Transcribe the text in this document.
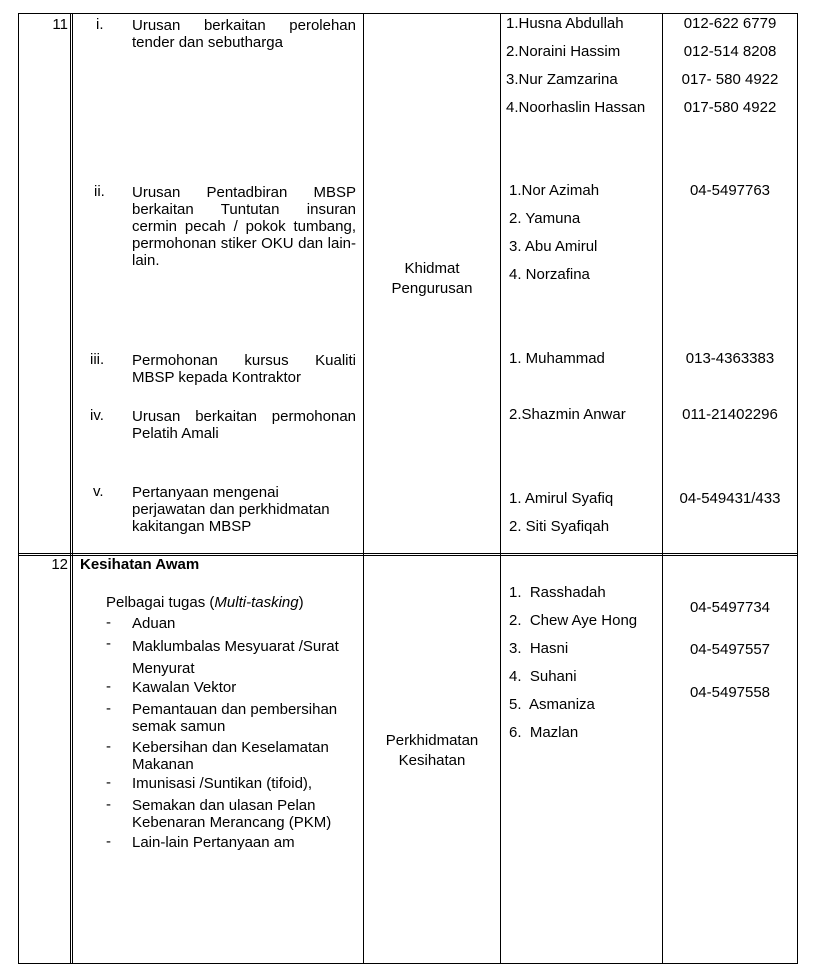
11 i. Urusan berkaitan perolehan tender dan sebutharga
ii. Urusan Pentadbiran MBSP berkaitan Tuntutan insuran cermin pecah / pokok tumbang, permohonan stiker OKU dan lain-lain.
iii. Permohonan kursus Kualiti MBSP kepada Kontraktor
iv. Urusan berkaitan permohonan Pelatih Amali
v. Pertanyaan mengenai perjawatan dan perkhidmatan kakitangan MBSP
Khidmat
Pengurusan
1.Husna Abdullah
2.Noraini Hassim
3.Nur Zamzarina
4.Noorhaslin Hassan
012-622 6779
012-514 8208
017- 580 4922
017-580 4922
1.Nor Azimah
2. Yamuna
3. Abu Amirul
4. Norzafina
04-5497763
1. Muhammad	013-4363383
2.Shazmin Anwar	011-21402296
1. Amirul Syafiq
2. Siti Syafiqah
04-549431/433
12 Kesihatan Awam
Pelbagai tugas (Multi-tasking)
- Aduan
- Maklumbalas Mesyuarat /Surat Menyurat
- Kawalan Vektor
- Pemantauan dan pembersihan semak samun
- Kebersihan dan Keselamatan Makanan
- Imunisasi /Suntikan (tifoid),
- Semakan dan ulasan Pelan Kebenaran Merancang (PKM)
- Lain-lain Pertanyaan am
Perkhidmatan
Kesihatan
1.  Rasshadah
2.  Chew Aye Hong
3.  Hasni
4.  Suhani
5.  Asmaniza
6.  Mazlan
04-5497734
04-5497557
04-5497558
